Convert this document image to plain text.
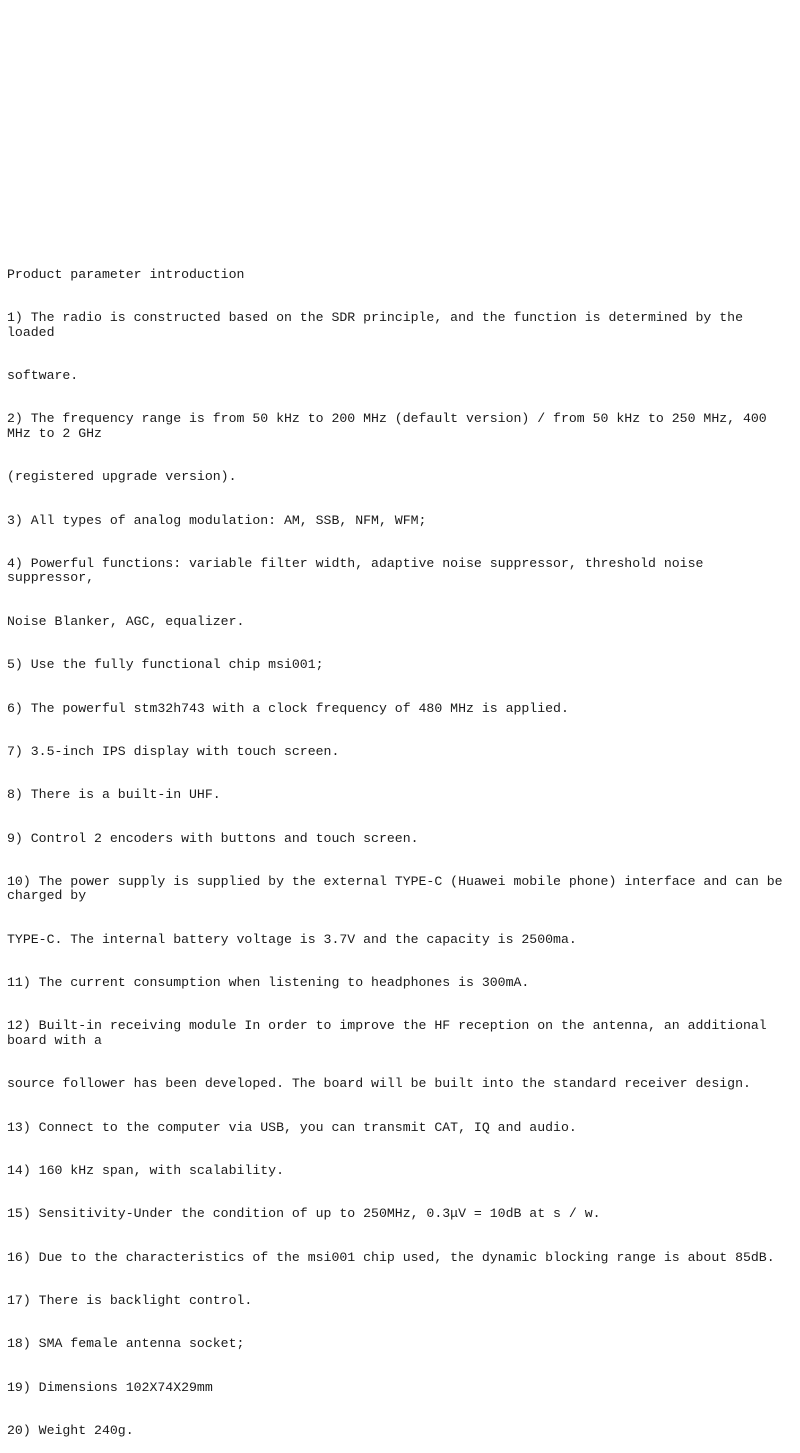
Product parameter introduction

1) The radio is constructed based on the SDR principle, and the function is determined by the loaded

software.

2) The frequency range is from 50 kHz to 200 MHz (default version) / from 50 kHz to 250 MHz, 400 MHz to 2 GHz

(registered upgrade version).

3) All types of analog modulation: AM, SSB, NFM, WFM;

4) Powerful functions: variable filter width, adaptive noise suppressor, threshold noise suppressor,

Noise Blanker, AGC, equalizer.

5) Use the fully functional chip msi001;

6) The powerful stm32h743 with a clock frequency of 480 MHz is applied.

7) 3.5-inch IPS display with touch screen.

8) There is a built-in UHF.

9) Control 2 encoders with buttons and touch screen.

10) The power supply is supplied by the external TYPE-C (Huawei mobile phone) interface and can be charged by

TYPE-C. The internal battery voltage is 3.7V and the capacity is 2500ma.

11) The current consumption when listening to headphones is 300mA.

12) Built-in receiving module In order to improve the HF reception on the antenna, an additional board with a

source follower has been developed. The board will be built into the standard receiver design.

13) Connect to the computer via USB, you can transmit CAT, IQ and audio.

14) 160 kHz span, with scalability.

15) Sensitivity-Under the condition of up to 250MHz, 0.3μV = 10dB at s / w.

16) Due to the characteristics of the msi001 chip used, the dynamic blocking range is about 85dB.

17) There is backlight control.

18) SMA female antenna socket;

19) Dimensions 102X74X29mm

20) Weight 240g.
